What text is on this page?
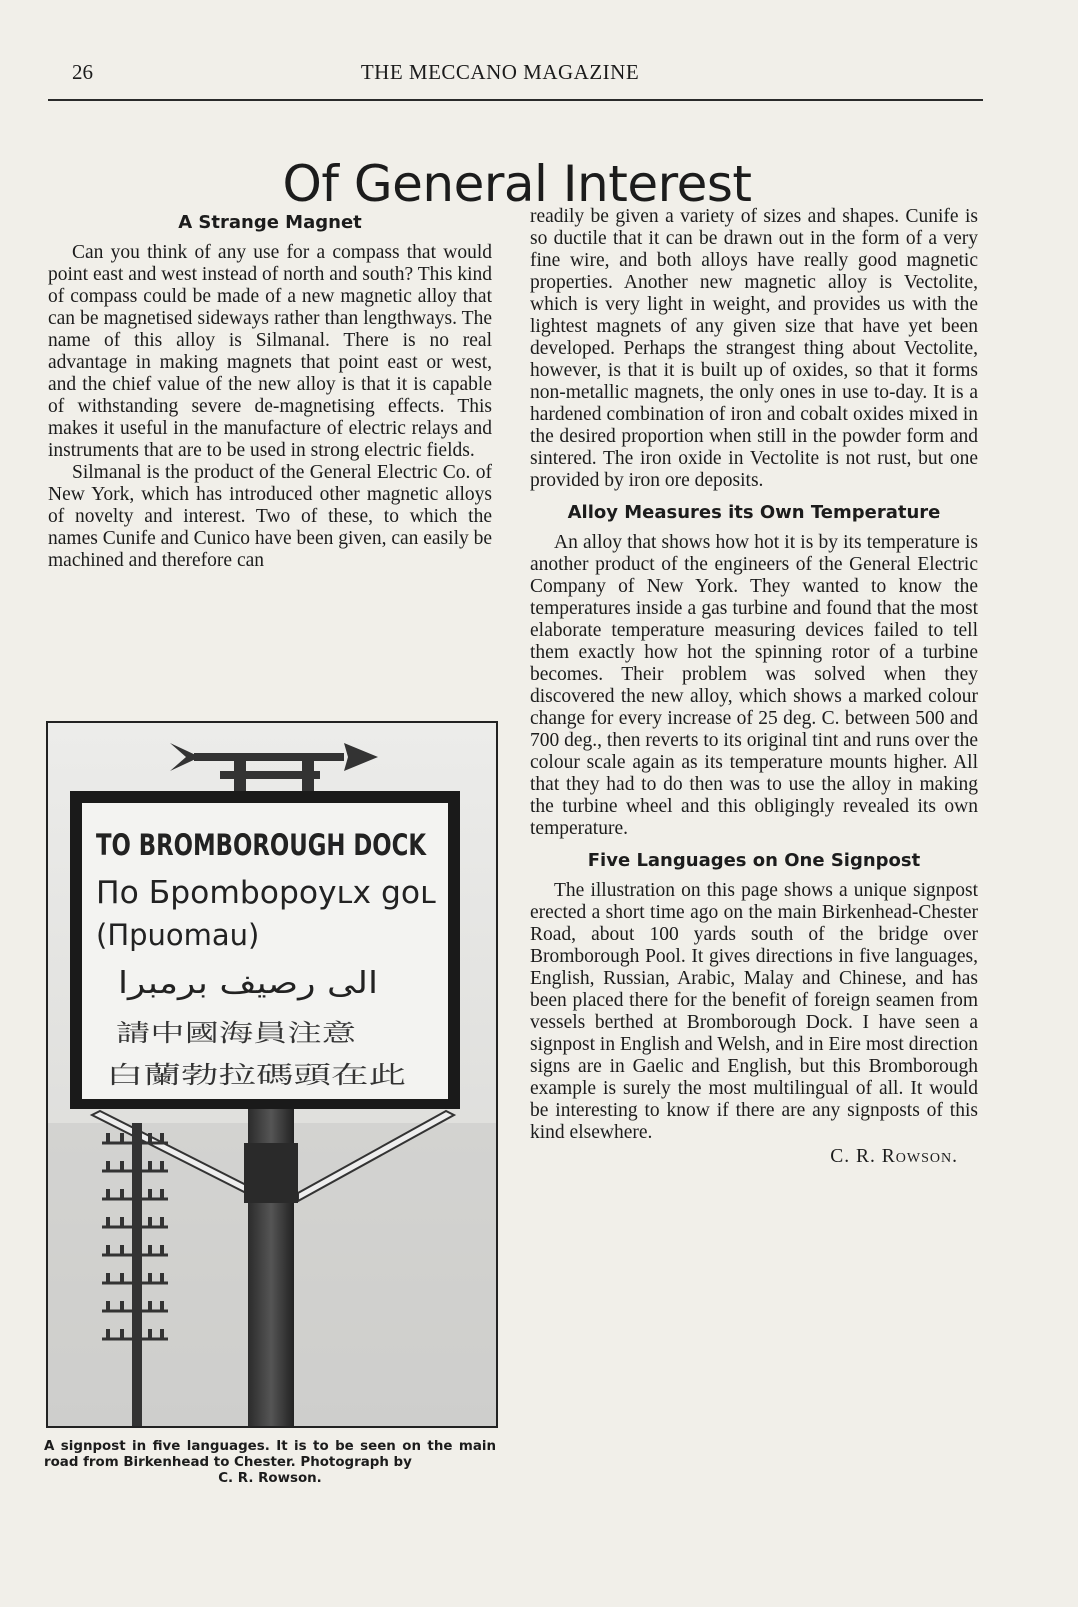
26	THE MECCANO MAGAZINE
Of General Interest
A Strange Magnet

Can you think of any use for a compass that would point east and west instead of north and south? This kind of compass could be made of a new magnetic alloy that can be magnetised sideways rather than lengthways. The name of this alloy is Silmanal. There is no real advantage in making magnets that point east or west, and the chief value of the new alloy is that it is capable of withstanding severe de-magnetising effects. This makes it useful in the manufacture of electric relays and instruments that are to be used in strong electric fields.

Silmanal is the product of the General Electric Co. of New York, which has introduced other magnetic alloys of novelty and interest. Two of these, to which the names Cunife and Cunico have been given, can easily be machined and therefore can

TO BROMBOROUGH DOCK
Πo Бpombopoyʟx goʟ
(Πpuomau)
الى رصيف برمبرا
請中國海員注意
白蘭勃拉碼頭在此
A signpost in five languages. It is to be seen on the main road from Birkenhead to Chester. Photograph by
C. R. Rowson.

readily be given a variety of sizes and shapes. Cunife is so ductile that it can be drawn out in the form of a very fine wire, and both alloys have really good magnetic properties. Another new magnetic alloy is Vectolite, which is very light in weight, and provides us with the lightest magnets of any given size that have yet been developed. Perhaps the strangest thing about Vectolite, however, is that it is built up of oxides, so that it forms non-metallic magnets, the only ones in use to-day. It is a hardened combination of iron and cobalt oxides mixed in the desired proportion when still in the powder form and sintered. The iron oxide in Vectolite is not rust, but one provided by iron ore deposits.

Alloy Measures its Own Temperature

An alloy that shows how hot it is by its temperature is another product of the engineers of the General Electric Company of New York. They wanted to know the temperatures inside a gas turbine and found that the most elaborate temperature measuring devices failed to tell them exactly how hot the spinning rotor of a turbine becomes. Their problem was solved when they discovered the new alloy, which shows a marked colour change for every increase of 25 deg. C. between 500 and 700 deg., then reverts to its original tint and runs over the colour scale again as its temperature mounts higher. All that they had to do then was to use the alloy in making the turbine wheel and this obligingly revealed its own temperature.

Five Languages on One Signpost

The illustration on this page shows a unique signpost erected a short time ago on the main Birkenhead-Chester Road, about 100 yards south of the bridge over Bromborough Pool. It gives directions in five languages, English, Russian, Arabic, Malay and Chinese, and has been placed there for the benefit of foreign seamen from vessels berthed at Bromborough Dock. I have seen a signpost in English and Welsh, and in Eire most direction signs are in Gaelic and English, but this Bromborough example is surely the most multilingual of all. It would be interesting to know if there are any signposts of this kind elsewhere.

C. R. Rowson.
